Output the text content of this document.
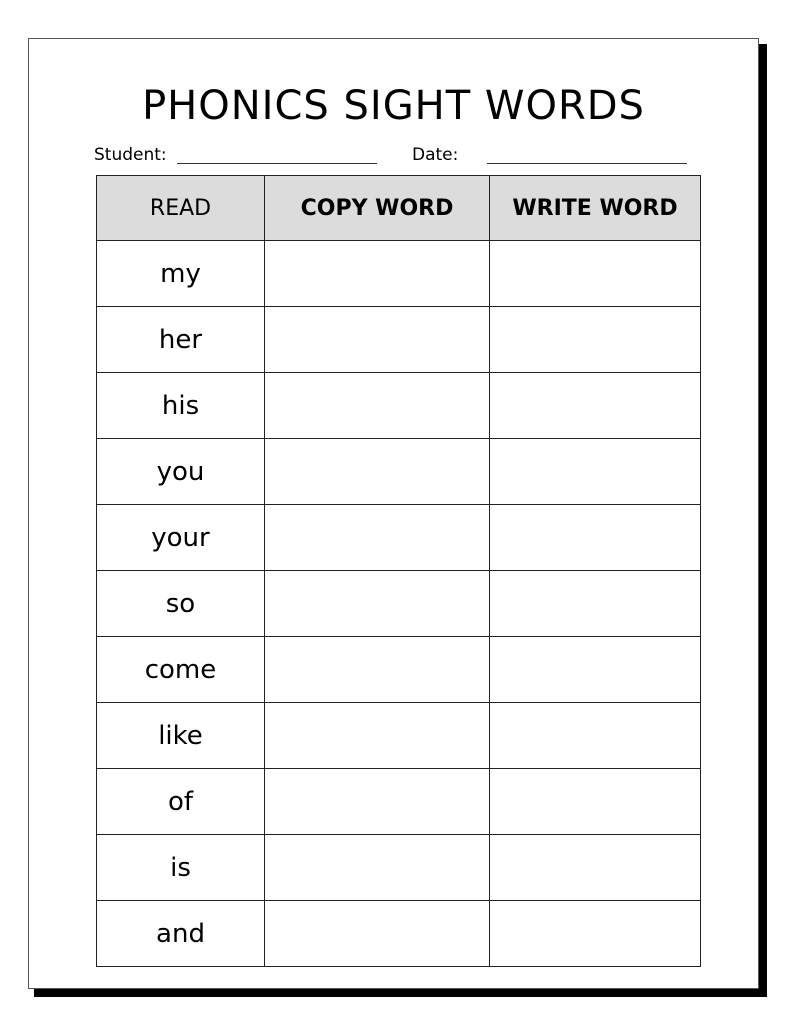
PHONICS SIGHT WORDS
Student:	Date:
READ	COPY WORD	WRITE WORD
my		
her		
his		
you		
your		
so		
come		
like		
of		
is		
and		
